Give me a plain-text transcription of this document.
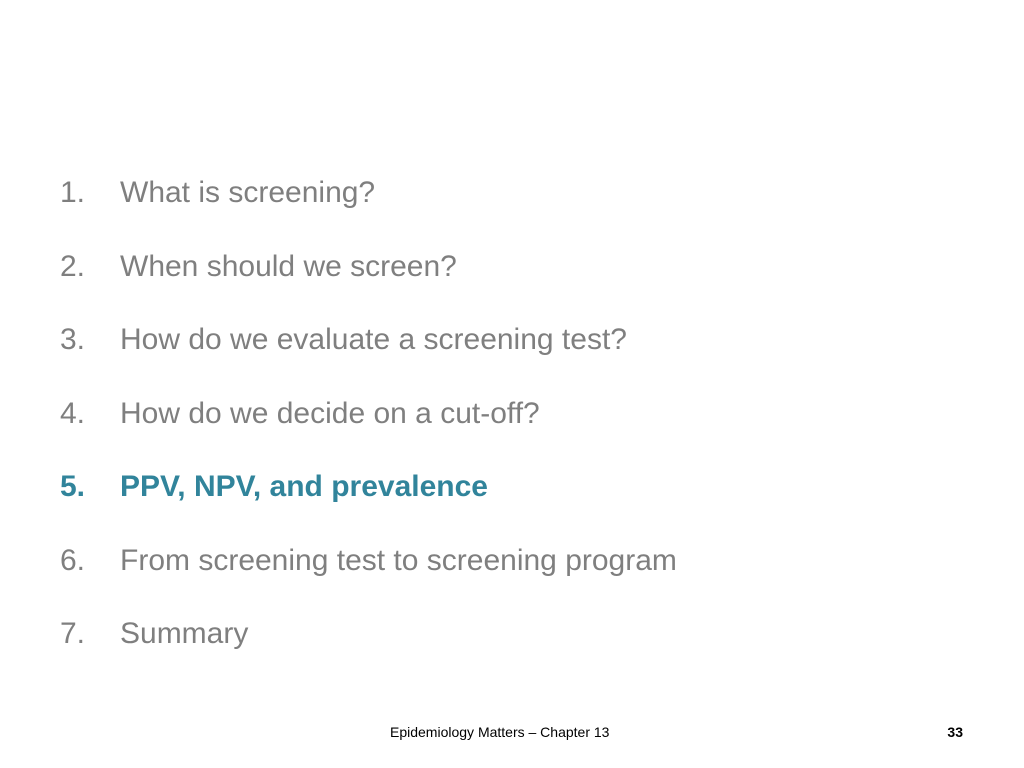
1.	What is screening?
2.	When should we screen?
3.	How do we evaluate a screening test?
4.	How do we decide on a cut-off?
5.	PPV, NPV, and prevalence
6.	From screening test to screening program
7.	Summary
Epidemiology Matters – Chapter 13	33
